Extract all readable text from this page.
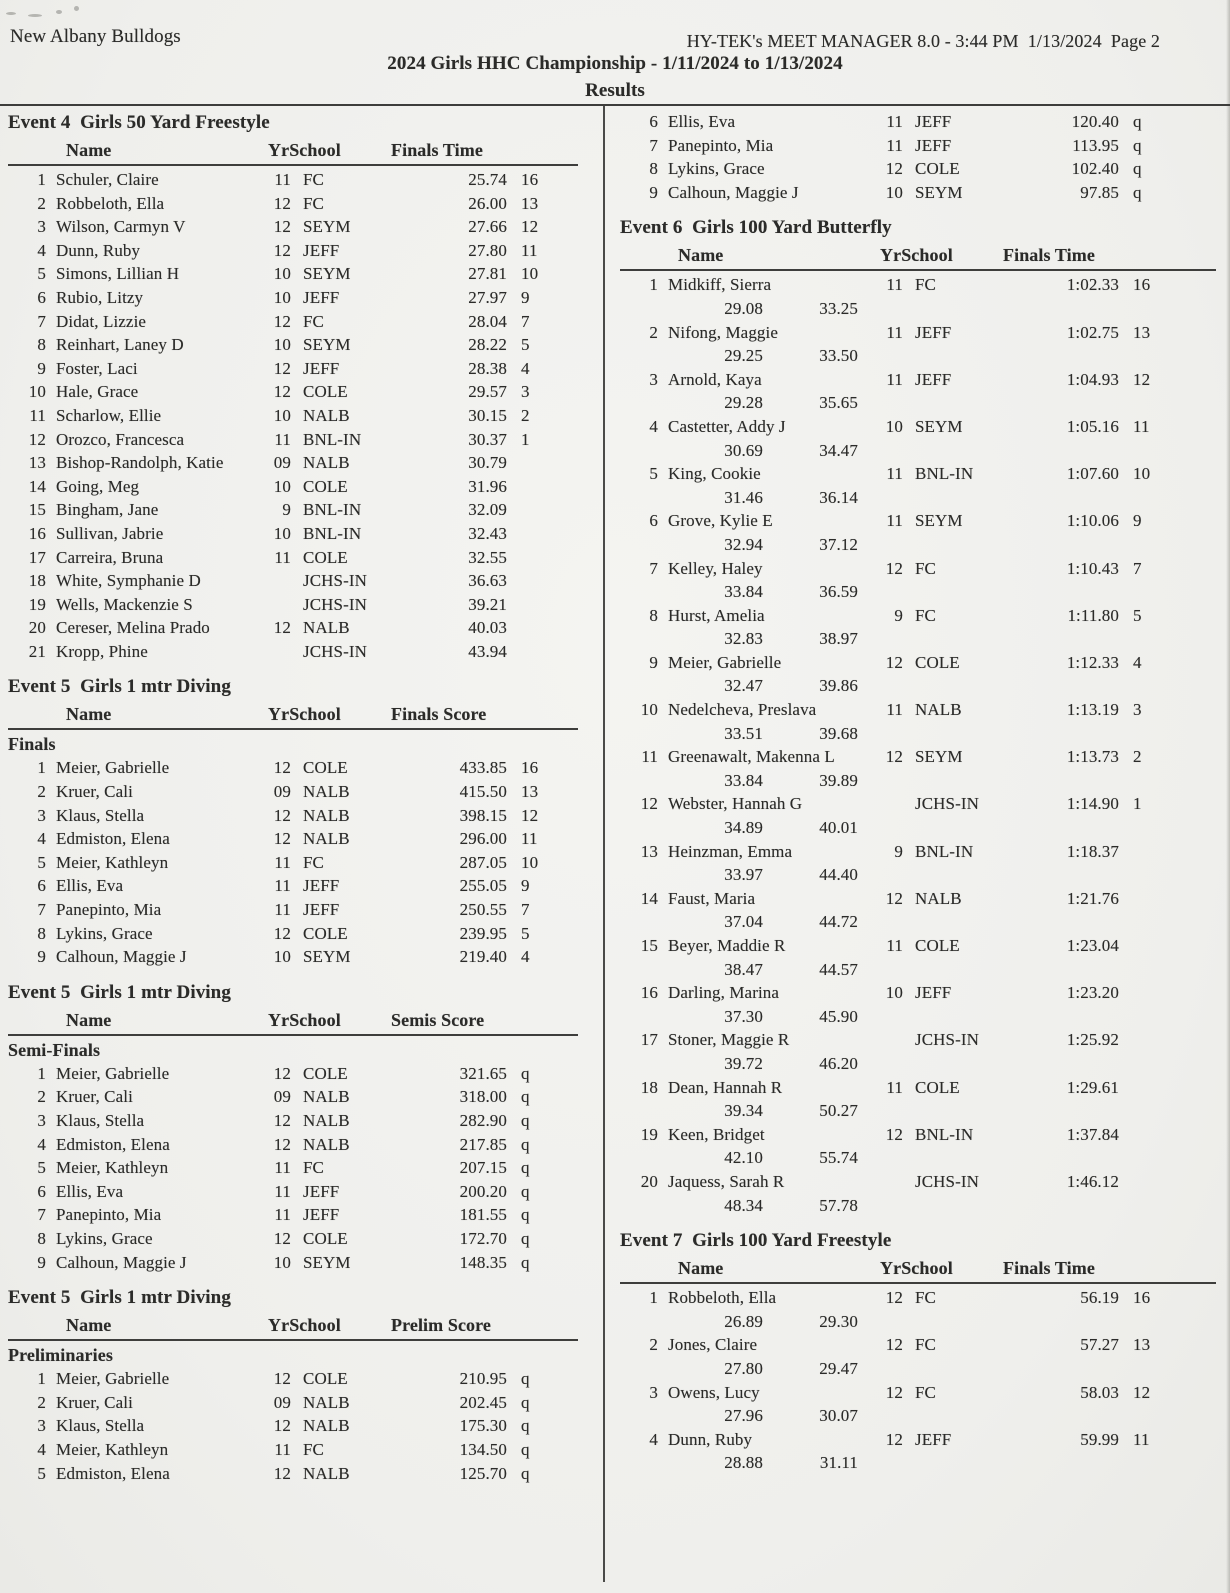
New Albany Bulldogs	HY-TEK's MEET MANAGER 8.0 - 3:44 PM  1/13/2024  Page 2
2024 Girls HHC Championship - 1/11/2024 to 1/13/2024
Results
Event 4  Girls 50 Yard Freestyle
Name	YrSchool	Finals Time
1 Schuler, Claire	11 FC	25.74 16
2 Robbeloth, Ella	12 FC	26.00 13
3 Wilson, Carmyn V	12 SEYM	27.66 12
4 Dunn, Ruby	12 JEFF	27.80 11
5 Simons, Lillian H	10 SEYM	27.81 10
6 Rubio, Litzy	10 JEFF	27.97 9
7 Didat, Lizzie	12 FC	28.04 7
8 Reinhart, Laney D	10 SEYM	28.22 5
9 Foster, Laci	12 JEFF	28.38 4
10 Hale, Grace	12 COLE	29.57 3
11 Scharlow, Ellie	10 NALB	30.15 2
12 Orozco, Francesca	11 BNL-IN	30.37 1
13 Bishop-Randolph, Katie	09 NALB	30.79
14 Going, Meg	10 COLE	31.96
15 Bingham, Jane	9 BNL-IN	32.09
16 Sullivan, Jabrie	10 BNL-IN	32.43
17 Carreira, Bruna	11 COLE	32.55
18 White, Symphanie D	JCHS-IN	36.63
19 Wells, Mackenzie S	JCHS-IN	39.21
20 Cereser, Melina Prado	12 NALB	40.03
21 Kropp, Phine	JCHS-IN	43.94
Event 5  Girls 1 mtr Diving
Name	YrSchool	Finals Score
Finals
1 Meier, Gabrielle	12 COLE	433.85 16
2 Kruer, Cali	09 NALB	415.50 13
3 Klaus, Stella	12 NALB	398.15 12
4 Edmiston, Elena	12 NALB	296.00 11
5 Meier, Kathleyn	11 FC	287.05 10
6 Ellis, Eva	11 JEFF	255.05 9
7 Panepinto, Mia	11 JEFF	250.55 7
8 Lykins, Grace	12 COLE	239.95 5
9 Calhoun, Maggie J	10 SEYM	219.40 4
Event 5  Girls 1 mtr Diving
Name	YrSchool	Semis Score
Semi-Finals
1 Meier, Gabrielle	12 COLE	321.65 q
2 Kruer, Cali	09 NALB	318.00 q
3 Klaus, Stella	12 NALB	282.90 q
4 Edmiston, Elena	12 NALB	217.85 q
5 Meier, Kathleyn	11 FC	207.15 q
6 Ellis, Eva	11 JEFF	200.20 q
7 Panepinto, Mia	11 JEFF	181.55 q
8 Lykins, Grace	12 COLE	172.70 q
9 Calhoun, Maggie J	10 SEYM	148.35 q
Event 5  Girls 1 mtr Diving
Name	YrSchool	Prelim Score
Preliminaries
1 Meier, Gabrielle	12 COLE	210.95 q
2 Kruer, Cali	09 NALB	202.45 q
3 Klaus, Stella	12 NALB	175.30 q
4 Meier, Kathleyn	11 FC	134.50 q
5 Edmiston, Elena	12 NALB	125.70 q
6 Ellis, Eva	11 JEFF	120.40 q
7 Panepinto, Mia	11 JEFF	113.95 q
8 Lykins, Grace	12 COLE	102.40 q
9 Calhoun, Maggie J	10 SEYM	97.85 q
Event 6  Girls 100 Yard Butterfly
Name	YrSchool	Finals Time
1 Midkiff, Sierra	11 FC	1:02.33 16
29.08	33.25
2 Nifong, Maggie	11 JEFF	1:02.75 13
29.25	33.50
3 Arnold, Kaya	11 JEFF	1:04.93 12
29.28	35.65
4 Castetter, Addy J	10 SEYM	1:05.16 11
30.69	34.47
5 King, Cookie	11 BNL-IN	1:07.60 10
31.46	36.14
6 Grove, Kylie E	11 SEYM	1:10.06 9
32.94	37.12
7 Kelley, Haley	12 FC	1:10.43 7
33.84	36.59
8 Hurst, Amelia	9 FC	1:11.80 5
32.83	38.97
9 Meier, Gabrielle	12 COLE	1:12.33 4
32.47	39.86
10 Nedelcheva, Preslava	11 NALB	1:13.19 3
33.51	39.68
11 Greenawalt, Makenna L	12 SEYM	1:13.73 2
33.84	39.89
12 Webster, Hannah G	JCHS-IN	1:14.90 1
34.89	40.01
13 Heinzman, Emma	9 BNL-IN	1:18.37
33.97	44.40
14 Faust, Maria	12 NALB	1:21.76
37.04	44.72
15 Beyer, Maddie R	11 COLE	1:23.04
38.47	44.57
16 Darling, Marina	10 JEFF	1:23.20
37.30	45.90
17 Stoner, Maggie R	JCHS-IN	1:25.92
39.72	46.20
18 Dean, Hannah R	11 COLE	1:29.61
39.34	50.27
19 Keen, Bridget	12 BNL-IN	1:37.84
42.10	55.74
20 Jaquess, Sarah R	JCHS-IN	1:46.12
48.34	57.78
Event 7  Girls 100 Yard Freestyle
Name	YrSchool	Finals Time
1 Robbeloth, Ella	12 FC	56.19 16
26.89	29.30
2 Jones, Claire	12 FC	57.27 13
27.80	29.47
3 Owens, Lucy	12 FC	58.03 12
27.96	30.07
4 Dunn, Ruby	12 JEFF	59.99 11
28.88	31.11
